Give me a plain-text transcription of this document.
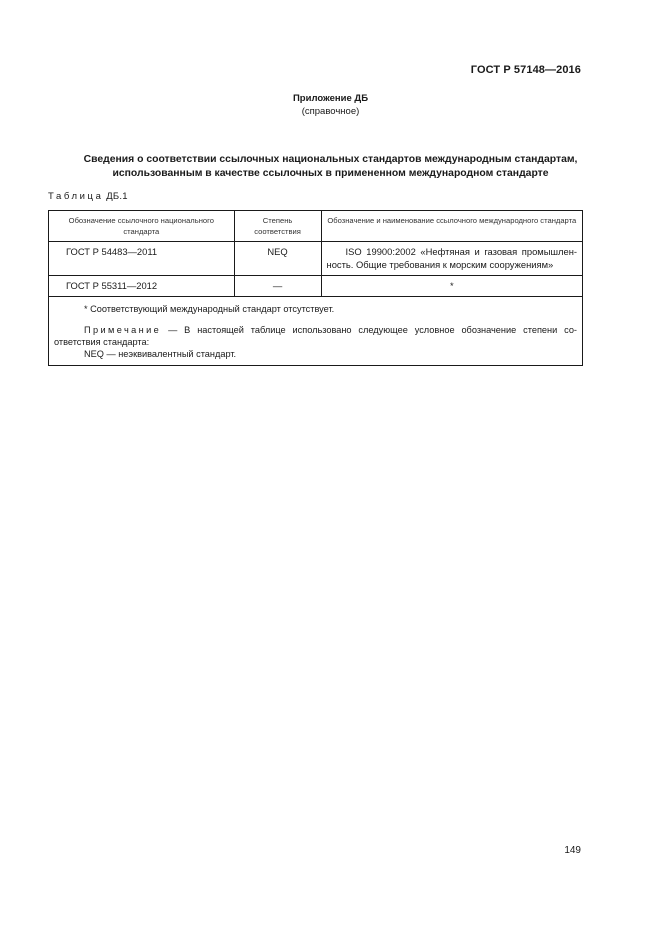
ГОСТ Р 57148—2016
Приложение ДБ
(справочное)
Сведения о соответствии ссылочных национальных стандартов международным стандартам,
использованным в качестве ссылочных в примененном международном стандарте
Таблица ДБ.1
Обозначение ссылочного национального стандарта	Степень соответствия	Обозначение и наименование ссылочного международного стандарта
ГОСТ Р 54483—2011	NEQ	ISO 19900:2002 «Нефтяная и газовая промышлен-ность. Общие требования к морским сооружениям»
ГОСТ Р 55311—2012	—	*

* Соответствующий международный стандарт отсутствует.

Примечание — В настоящей таблице использовано следующее условное обозначение степени со-ответствия стандарта:

NEQ — неэквивалентный стандарт.		

149
